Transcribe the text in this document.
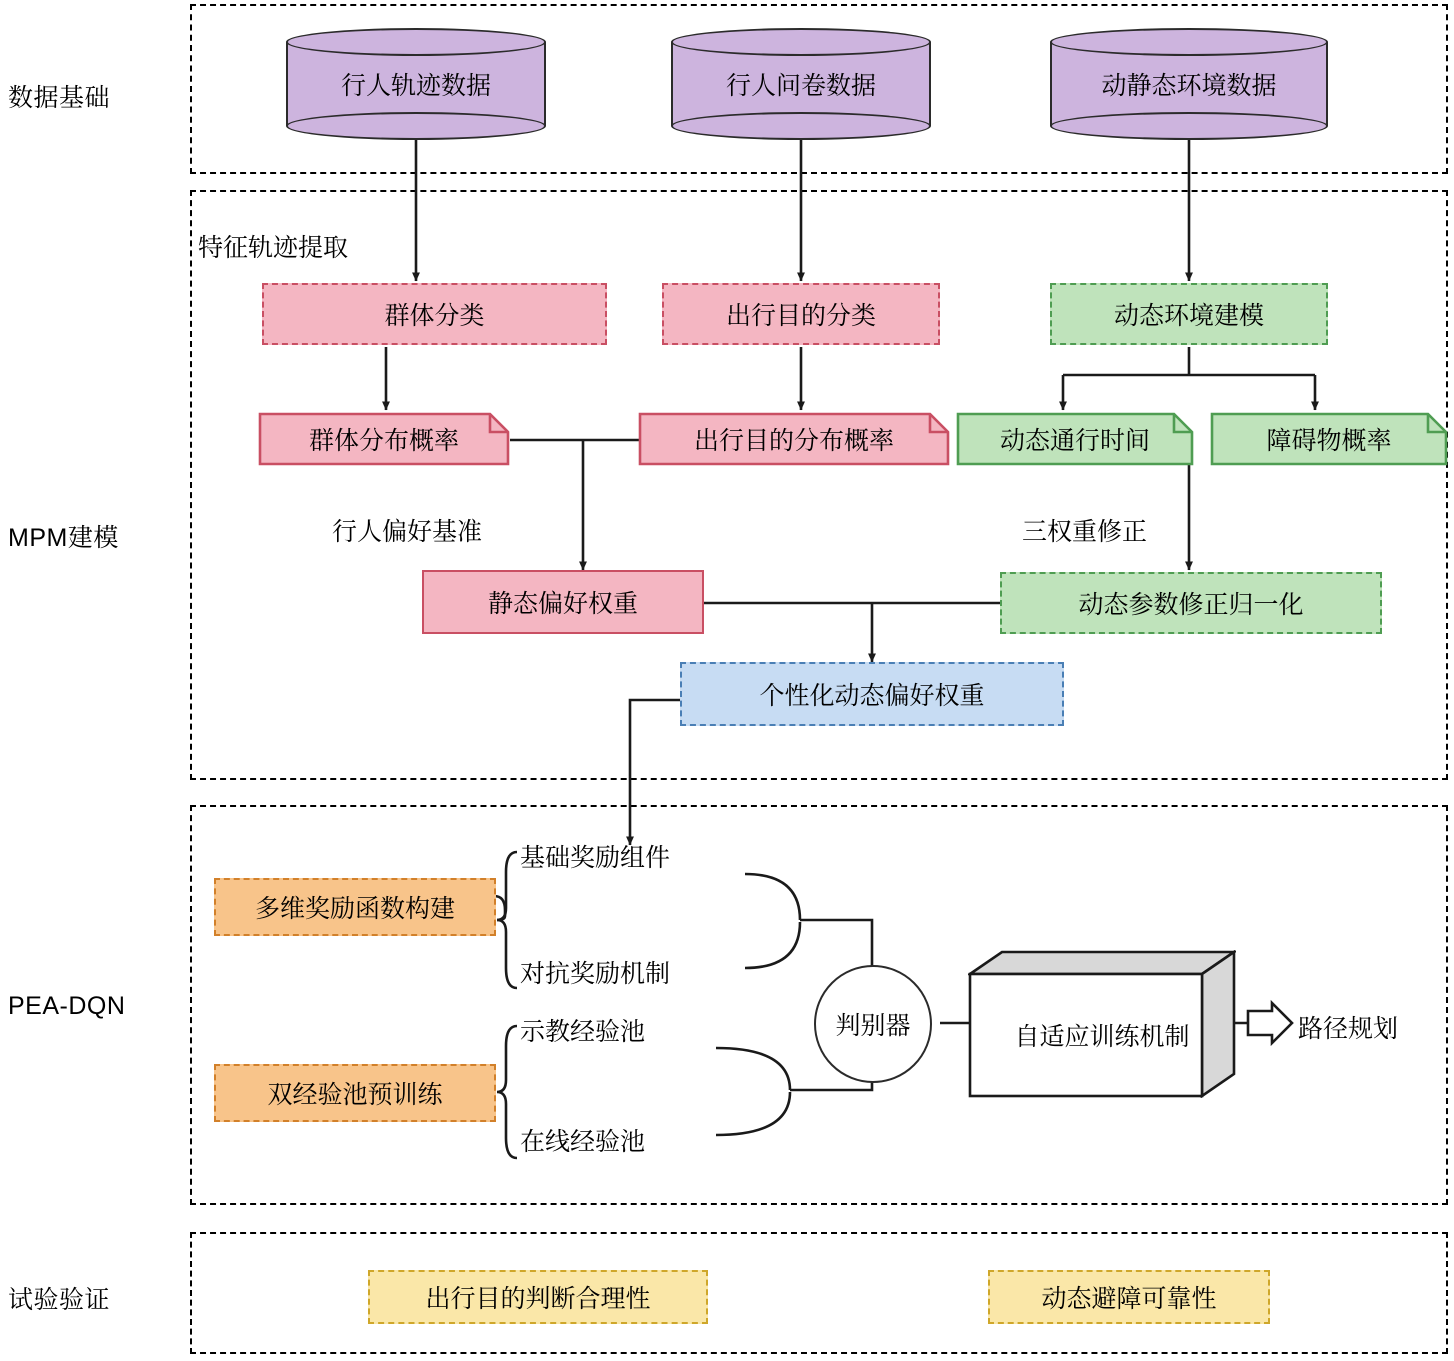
数据基础
MPM建模
PEA-DQN
试验验证
行人轨迹数据	行人问卷数据	动静态环境数据
特征轨迹提取
行人偏好基准	三权重修正
群体分类	出行目的分类	动态环境建模
群体分布概率	出行目的分布概率	动态通行时间	障碍物概率
静态偏好权重	动态参数修正归一化
个性化动态偏好权重
多维奖励函数构建
双经验池预训练
基础奖励组件
对抗奖励机制
示教经验池
在线经验池
判别器	自适应训练机制	路径规划
出行目的判断合理性	动态避障可靠性
